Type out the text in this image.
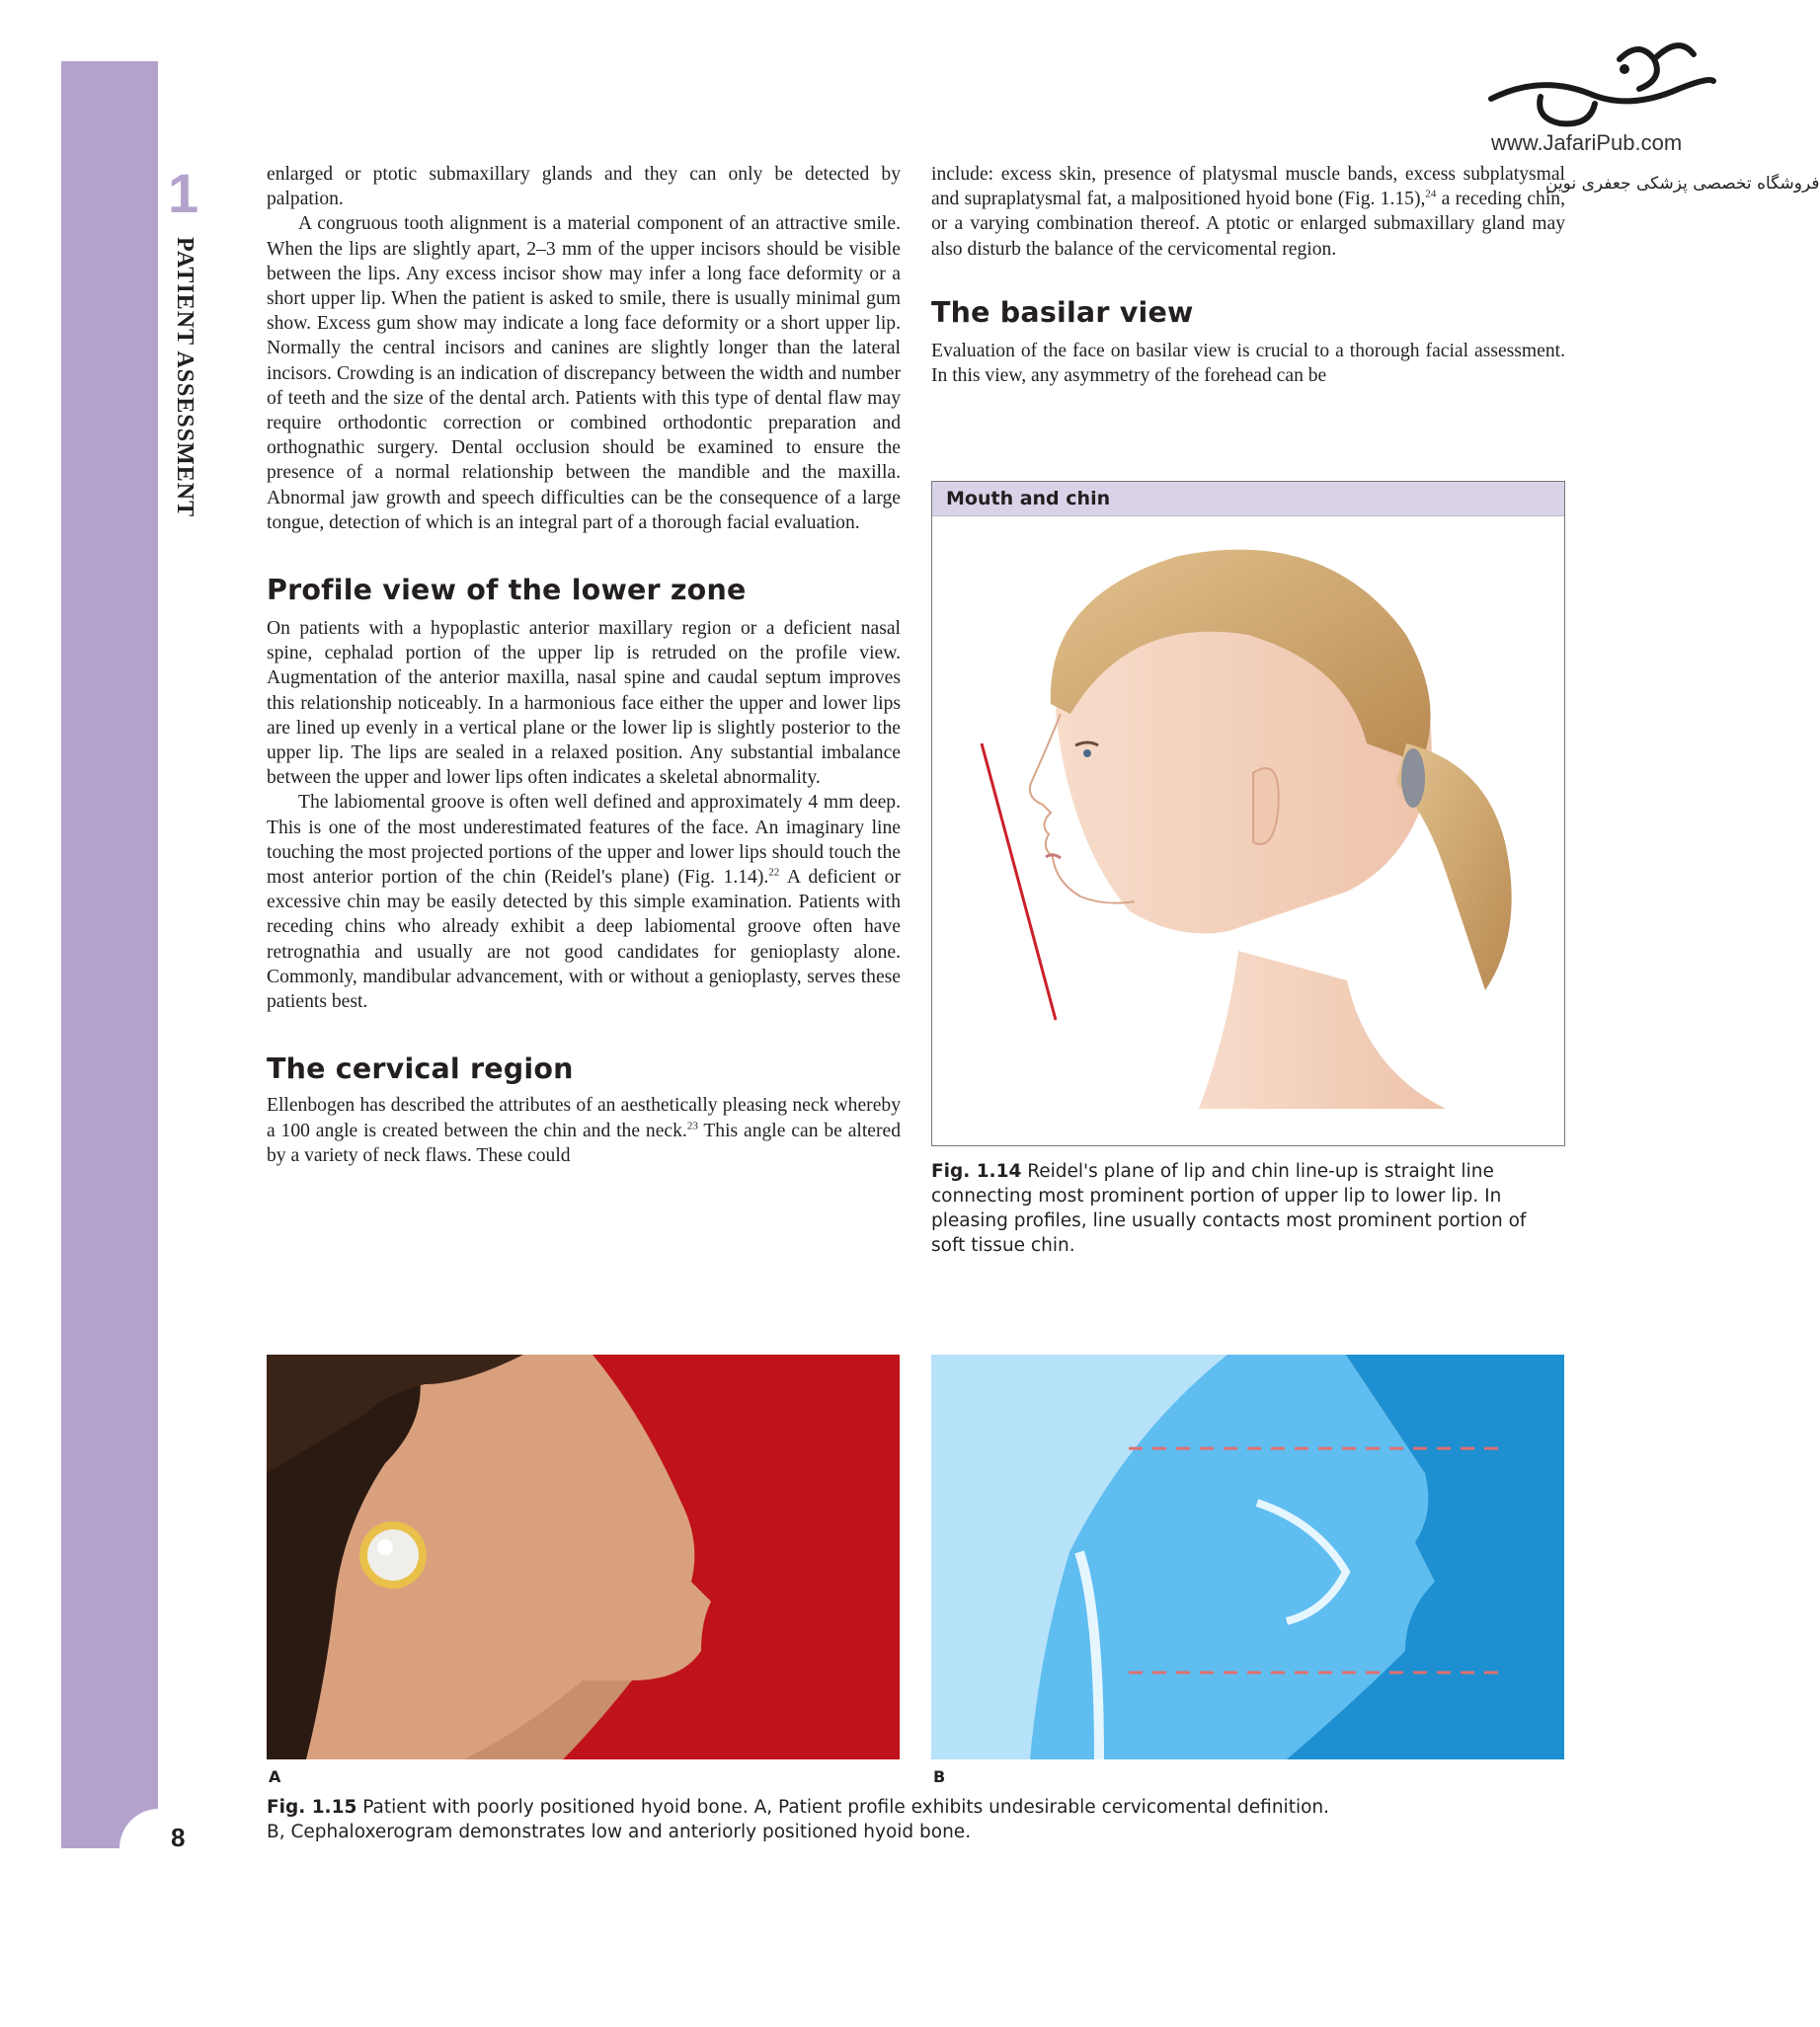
1
PATIENT ASSESSMENT
8
www.JafariPub.com
فروشگاه تخصصی پزشکی جعفری نوین

enlarged or ptotic submaxillary glands and they can only be detected by palpation.

A congruous tooth alignment is a material component of an attractive smile. When the lips are slightly apart, 2–3 mm of the upper incisors should be visible between the lips. Any excess incisor show may infer a long face deformity or a short upper lip. When the patient is asked to smile, there is usually minimal gum show. Excess gum show may indicate a long face deformity or a short upper lip. Normally the central incisors and canines are slightly longer than the lateral incisors. Crowding is an indication of discrepancy between the width and number of teeth and the size of the dental arch. Patients with this type of dental flaw may require orthodontic correction or combined orthodontic preparation and orthognathic surgery. Dental occlusion should be examined to ensure the presence of a normal relationship between the mandible and the maxilla. Abnormal jaw growth and speech difficulties can be the consequence of a large tongue, detection of which is an integral part of a thorough facial evaluation.

Profile view of the lower zone

On patients with a hypoplastic anterior maxillary region or a deficient nasal spine, cephalad portion of the upper lip is retruded on the profile view. Augmentation of the anterior maxilla, nasal spine and caudal septum improves this relationship noticeably. In a harmonious face either the upper and lower lips are lined up evenly in a vertical plane or the lower lip is slightly posterior to the upper lip. The lips are sealed in a relaxed position. Any substantial imbalance between the upper and lower lips often indicates a skeletal abnormality.

The labiomental groove is often well defined and approximately 4 mm deep. This is one of the most underestimated features of the face. An imaginary line touching the most projected portions of the upper and lower lips should touch the most anterior portion of the chin (Reidel's plane) (Fig. 1.14).$^{22}$ A deficient or excessive chin may be easily detected by this simple examination. Patients with receding chins who already exhibit a deep labiomental groove often have retrognathia and usually are not good candidates for genioplasty alone. Commonly, mandibular advancement, with or without a genioplasty, serves these patients best.

The cervical region

Ellenbogen has described the attributes of an aesthetically pleasing neck whereby a 100 angle is created between the chin and the neck.$^{23}$ This angle can be altered by a variety of neck flaws. These could

include: excess skin, presence of platysmal muscle bands, excess subplatysmal and supraplatysmal fat, a malpositioned hyoid bone (Fig. 1.15),$^{24}$ a receding chin, or a varying combination thereof. A ptotic or enlarged submaxillary gland may also disturb the balance of the cervicomental region.

The basilar view

Evaluation of the face on basilar view is crucial to a thorough facial assessment. In this view, any asymmetry of the forehead can be

Mouth and chin
Fig. 1.14 Reidel's plane of lip and chin line-up is straight line connecting most prominent portion of upper lip to lower lip. In pleasing profiles, line usually contacts most prominent portion of soft tissue chin.
A	B
Fig. 1.15 Patient with poorly positioned hyoid bone. A, Patient profile exhibits undesirable cervicomental definition.
B, Cephaloxerogram demonstrates low and anteriorly positioned hyoid bone.
